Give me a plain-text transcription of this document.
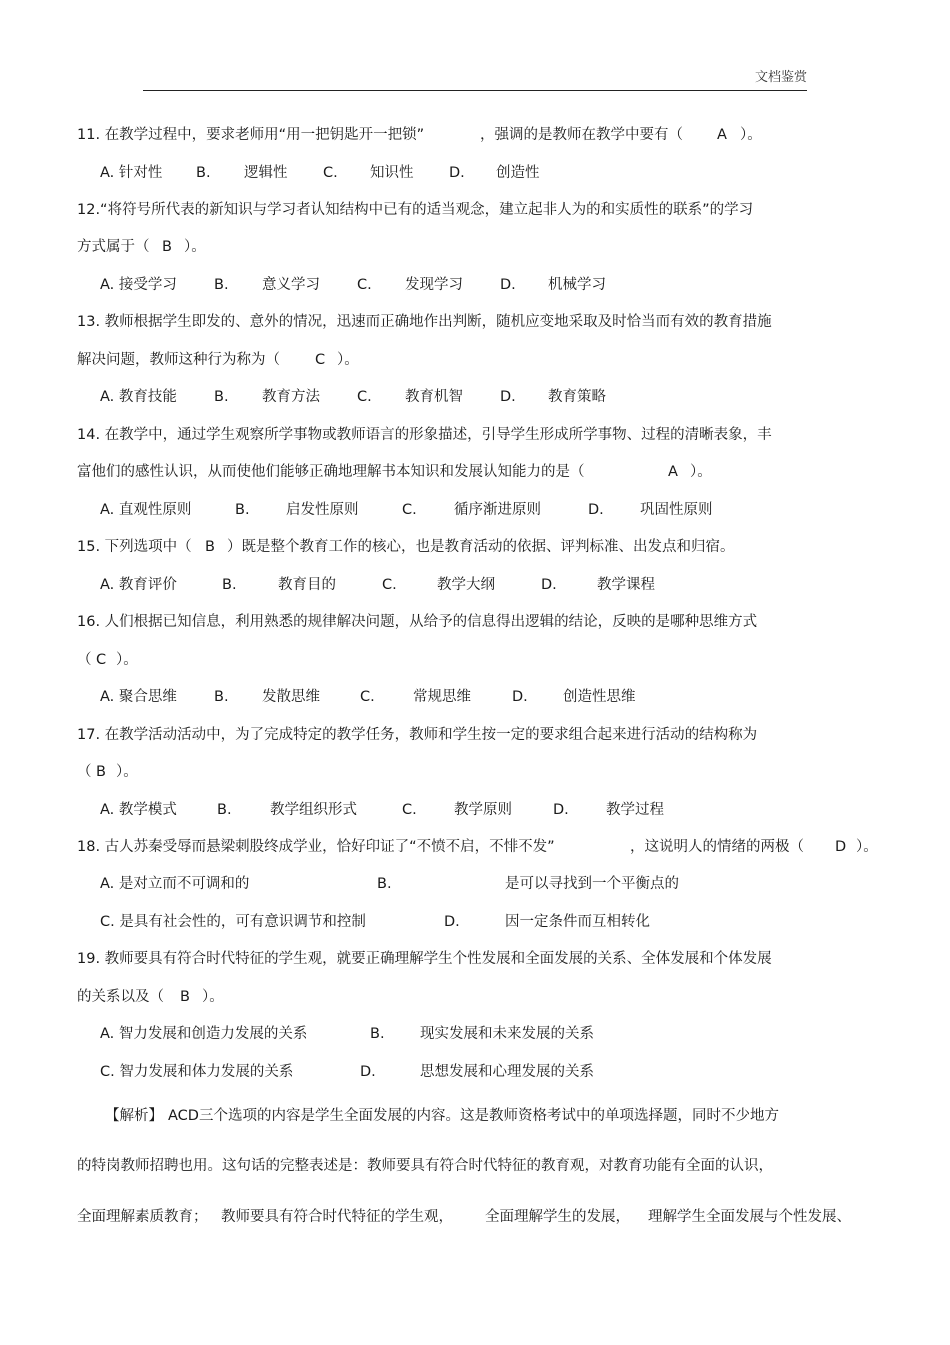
文档鉴赏
11. 在教学过程中，要求老师用“用一把钥匙开一把锁”	，强调的是教师在教学中要有（ A ）。
A. 针对性 B. 逻辑性 C. 知识性 D. 创造性
12.“将符号所代表的新知识与学习者认知结构中已有的适当观念，建立起非人为的和实质性的联系”的学习
方式属于（ B ）。
A. 接受学习	B. 意义学习	C. 发现学习	D. 机械学习
13. 教师根据学生即发的、意外的情况，迅速而正确地作出判断，随机应变地采取及时恰当而有效的教育措施
解决问题，教师这种行为称为（ C ）。
A. 教育技能	B. 教育方法	C. 教育机智	D. 教育策略
14. 在教学中，通过学生观察所学事物或教师语言的形象描述，引导学生形成所学事物、过程的清晰表象，丰
富他们的感性认识，从而使他们能够正确地理解书本知识和发展认知能力的是（	A ）。
A. 直观性原则	B.	启发性原则	C.	循序渐进原则	D. 巩固性原则
15. 下列选项中（ B ）既是整个教育工作的核心，也是教育活动的依据、评判标准、出发点和归宿。
A. 教育评价	B.	教育目的	C.	教学大纲	D.	教学课程
16. 人们根据已知信息，利用熟悉的规律解决问题，从给予的信息得出逻辑的结论，反映的是哪种思维方式
（ C ）。
A. 聚合思维	B. 发散思维	C.	常规思维	D. 创造性思维
17. 在教学活动活动中，为了完成特定的教学任务，教师和学生按一定的要求组合起来进行活动的结构称为
（ B ）。
A. 教学模式	B.	教学组织形式	C.	教学原则	D.	教学过程
18. 古人苏秦受辱而悬梁刺股终成学业，恰好印证了“不愤不启，不悱不发”	，这说明人的情绪的两极（ D ）。
A. 是对立而不可调和的	B.	是可以寻找到一个平衡点的
C. 是具有社会性的，可有意识调节和控制	D.	因一定条件而互相转化
19. 教师要具有符合时代特征的学生观，就要正确理解学生个性发展和全面发展的关系、全体发展和个体发展
的关系以及（ B ）。
A. 智力发展和创造力发展的关系	B. 现实发展和未来发展的关系
C. 智力发展和体力发展的关系	D.	思想发展和心理发展的关系
【解析】 ACD三个选项的内容是学生全面发展的内容。这是教师资格考试中的单项选择题，同时不少地方
的特岗教师招聘也用。这句话的完整表述是：教师要具有符合时代特征的教育观，对教育功能有全面的认识，
全面理解素质教育； 教师要具有符合时代特征的学生观， 全面理解学生的发展， 理解学生全面发展与个性发展、
